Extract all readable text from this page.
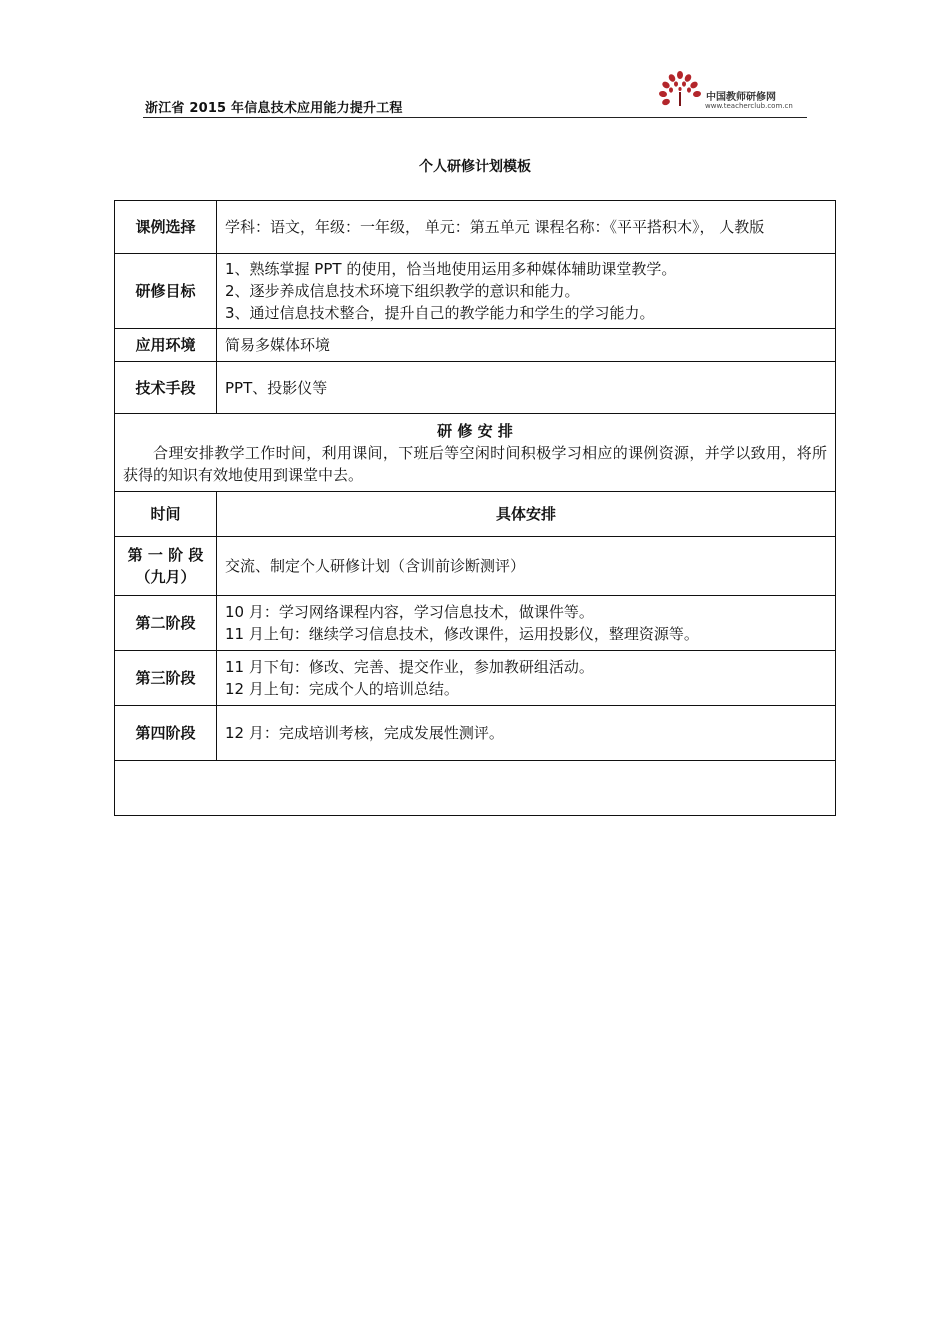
浙江省 2015 年信息技术应用能力提升工程
中国教师研修网
www.teacherclub.com.cn
个人研修计划模板
课例选择	学科：语文，年级：一年级， 单元：第五单元 课程名称：《平平搭积木》， 人教版

研修目标	1、熟练掌握 PPT 的使用，恰当地使用运用多种媒体辅助课堂教学。
2、逐步养成信息技术环境下组织教学的意识和能力。
3、通过信息技术整合，提升自己的教学能力和学生的学习能力。

应用环境	简易多媒体环境

技术手段	PPT、投影仪等

研 修 安 排
合理安排教学工作时间，利用课间，下班后等空闲时间积极学习相应的课例资源，并学以致用，将所获得的知识有效地使用到课堂中去。	

时间	具体安排
第 一 阶 段（九月）	交流、制定个人研修计划（含训前诊断测评）

第二阶段	10 月：学习网络课程内容，学习信息技术，做课件等。
11 月上旬：继续学习信息技术，修改课件，运用投影仪，整理资源等。

第三阶段	11 月下旬：修改、完善、提交作业，参加教研组活动。
12 月上旬：完成个人的培训总结。

第四阶段	12 月：完成培训考核，完成发展性测评。
